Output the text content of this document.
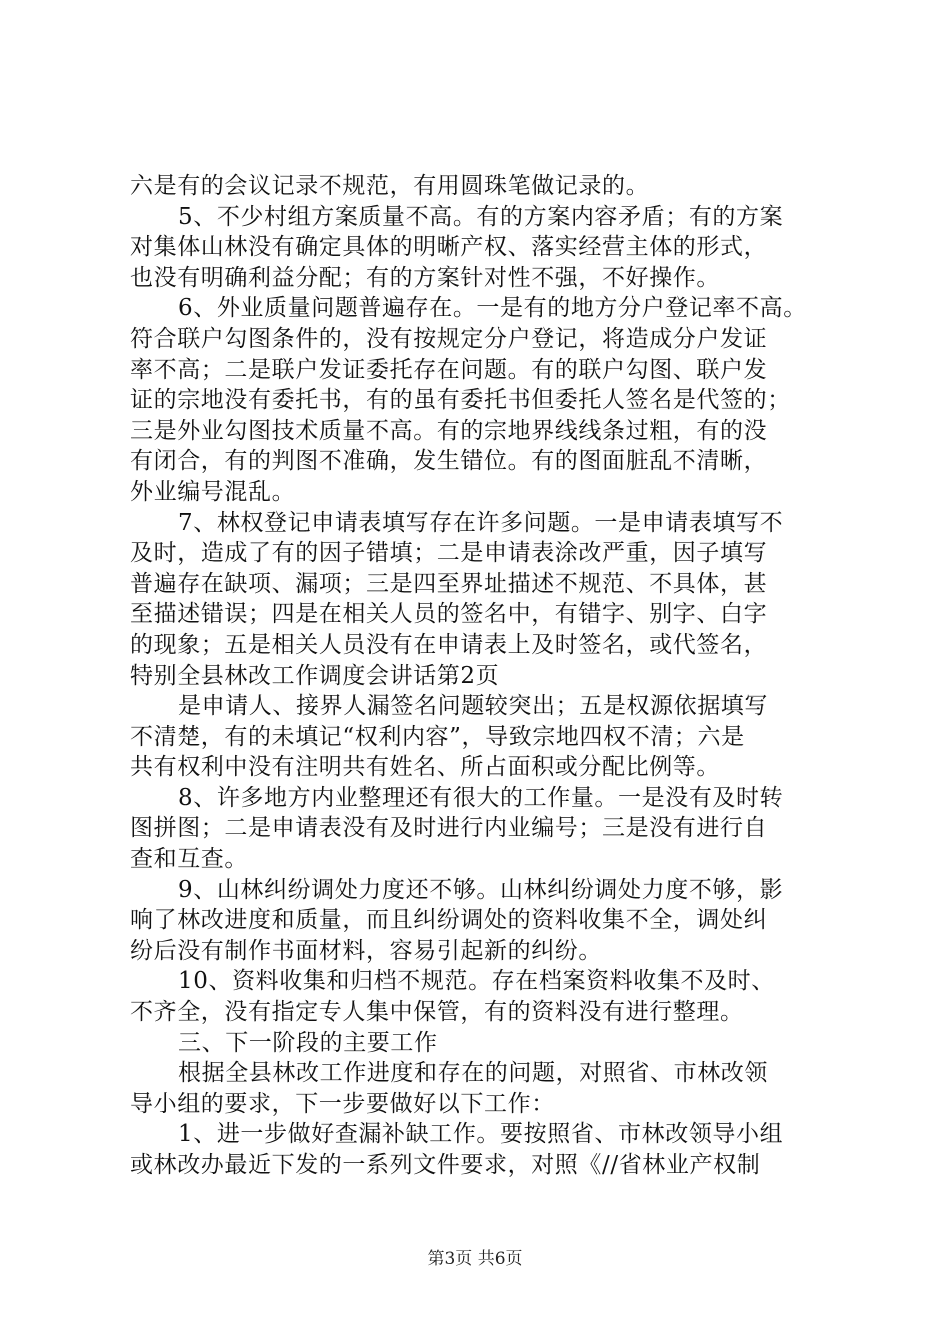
六是有的会议记录不规范，有用圆珠笔做记录的。
5、不少村组方案质量不高。有的方案内容矛盾；有的方案
对集体山林没有确定具体的明晰产权、落实经营主体的形式，
也没有明确利益分配；有的方案针对性不强，不好操作。
6、外业质量问题普遍存在。一是有的地方分户登记率不高。
符合联户勾图条件的，没有按规定分户登记，将造成分户发证
率不高；二是联户发证委托存在问题。有的联户勾图、联户发
证的宗地没有委托书，有的虽有委托书但委托人签名是代签的；
三是外业勾图技术质量不高。有的宗地界线线条过粗，有的没
有闭合，有的判图不准确，发生错位。有的图面脏乱不清晰，
外业编号混乱。
7、林权登记申请表填写存在许多问题。一是申请表填写不
及时，造成了有的因子错填；二是申请表涂改严重，因子填写
普遍存在缺项、漏项；三是四至界址描述不规范、不具体，甚
至描述错误；四是在相关人员的签名中，有错字、别字、白字
的现象；五是相关人员没有在申请表上及时签名，或代签名，
特别全县林改工作调度会讲话第2页
是申请人、接界人漏签名问题较突出；五是权源依据填写
不清楚，有的未填记“权利内容”，导致宗地四权不清；六是
共有权利中没有注明共有姓名、所占面积或分配比例等。
8、许多地方内业整理还有很大的工作量。一是没有及时转
图拼图；二是申请表没有及时进行内业编号；三是没有进行自
查和互查。
9、山林纠纷调处力度还不够。山林纠纷调处力度不够，影
响了林改进度和质量，而且纠纷调处的资料收集不全，调处纠
纷后没有制作书面材料，容易引起新的纠纷。
10、资料收集和归档不规范。存在档案资料收集不及时、
不齐全，没有指定专人集中保管，有的资料没有进行整理。
三、下一阶段的主要工作
根据全县林改工作进度和存在的问题，对照省、市林改领
导小组的要求，下一步要做好以下工作：
1、进一步做好查漏补缺工作。要按照省、市林改领导小组
或林改办最近下发的一系列文件要求，对照《//省林业产权制
第3页 共6页
